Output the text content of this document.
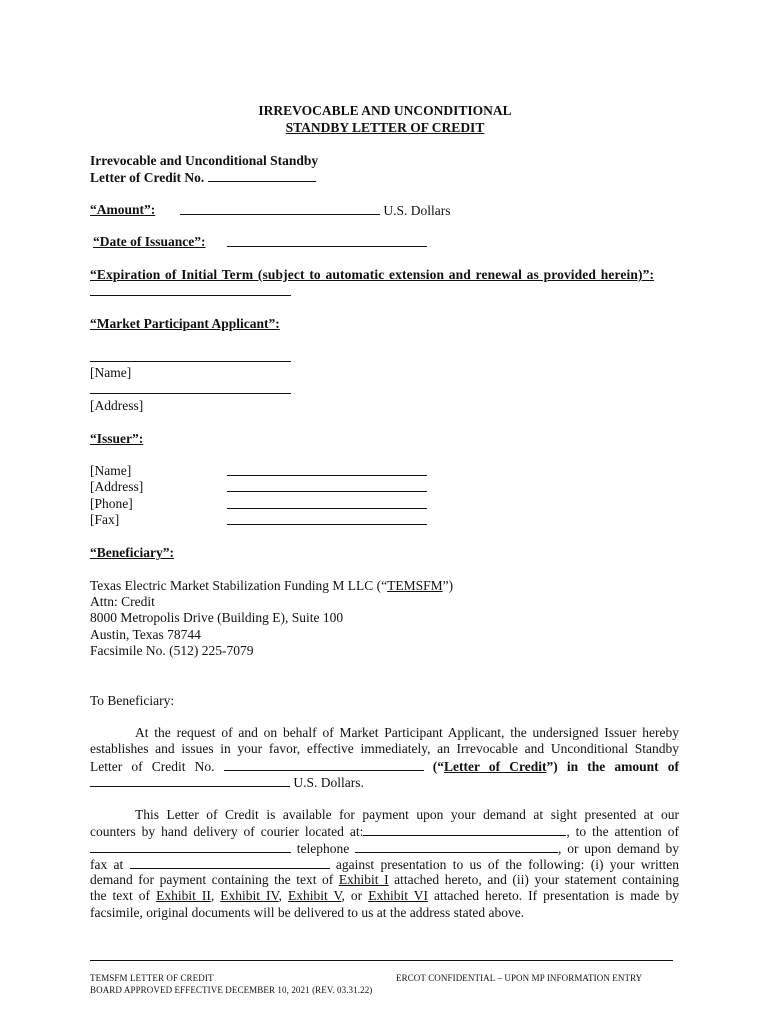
IRREVOCABLE AND UNCONDITIONAL
STANDBY LETTER OF CREDIT
Irrevocable and Unconditional Standby
Letter of Credit No.
“Amount”:	U.S. Dollars
“Date of Issuance”:
“Expiration of Initial Term (subject to automatic extension and renewal as provided herein)”:
“Market Participant Applicant”:
[Name]
[Address]
“Issuer”:
[Name]
[Address]
[Phone]
[Fax]
“Beneficiary”:
Texas Electric Market Stabilization Funding M LLC (“TEMSFM”)
Attn: Credit
8000 Metropolis Drive (Building E), Suite 100
Austin, Texas 78744
Facsimile No. (512) 225-7079
To Beneficiary:
At the request of and on behalf of Market Participant Applicant, the undersigned Issuer hereby
establishes and issues in your favor, effective immediately, an Irrevocable and Unconditional Standby
Letter of Credit No.	(“Letter of Credit”) in the amount of
U.S. Dollars.
This Letter of Credit is available for payment upon your demand at sight presented at our
counters by hand delivery of courier located at:	, to the attention of
telephone	, or upon demand by
fax at	against presentation to us of the following: (i) your written
demand for payment containing the text of Exhibit I attached hereto, and (ii) your statement containing
the text of Exhibit II, Exhibit IV, Exhibit V, or Exhibit VI attached hereto. If presentation is made by
facsimile, original documents will be delivered to us at the address stated above.
TEMSFM LETTER OF CREDIT	ERCOT CONFIDENTIAL – UPON MP INFORMATION ENTRY
BOARD APPROVED EFFECTIVE DECEMBER 10, 2021 (REV. 03.31.22)
